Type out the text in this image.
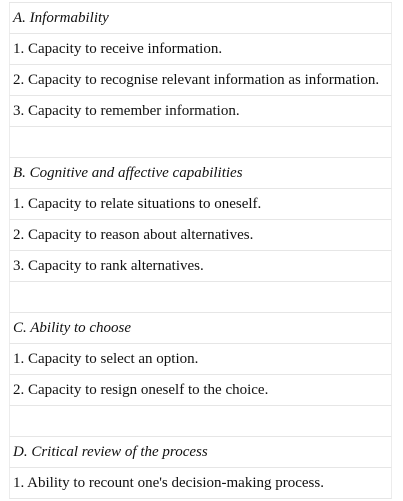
A. Informability
1. Capacity to receive information.
2. Capacity to recognise relevant information as information.
3. Capacity to remember information.
B. Cognitive and affective capabilities
1. Capacity to relate situations to oneself.
2. Capacity to reason about alternatives.
3. Capacity to rank alternatives.
C. Ability to choose
1. Capacity to select an option.
2. Capacity to resign oneself to the choice.
D. Critical review of the process
1. Ability to recount one's decision-making process.
